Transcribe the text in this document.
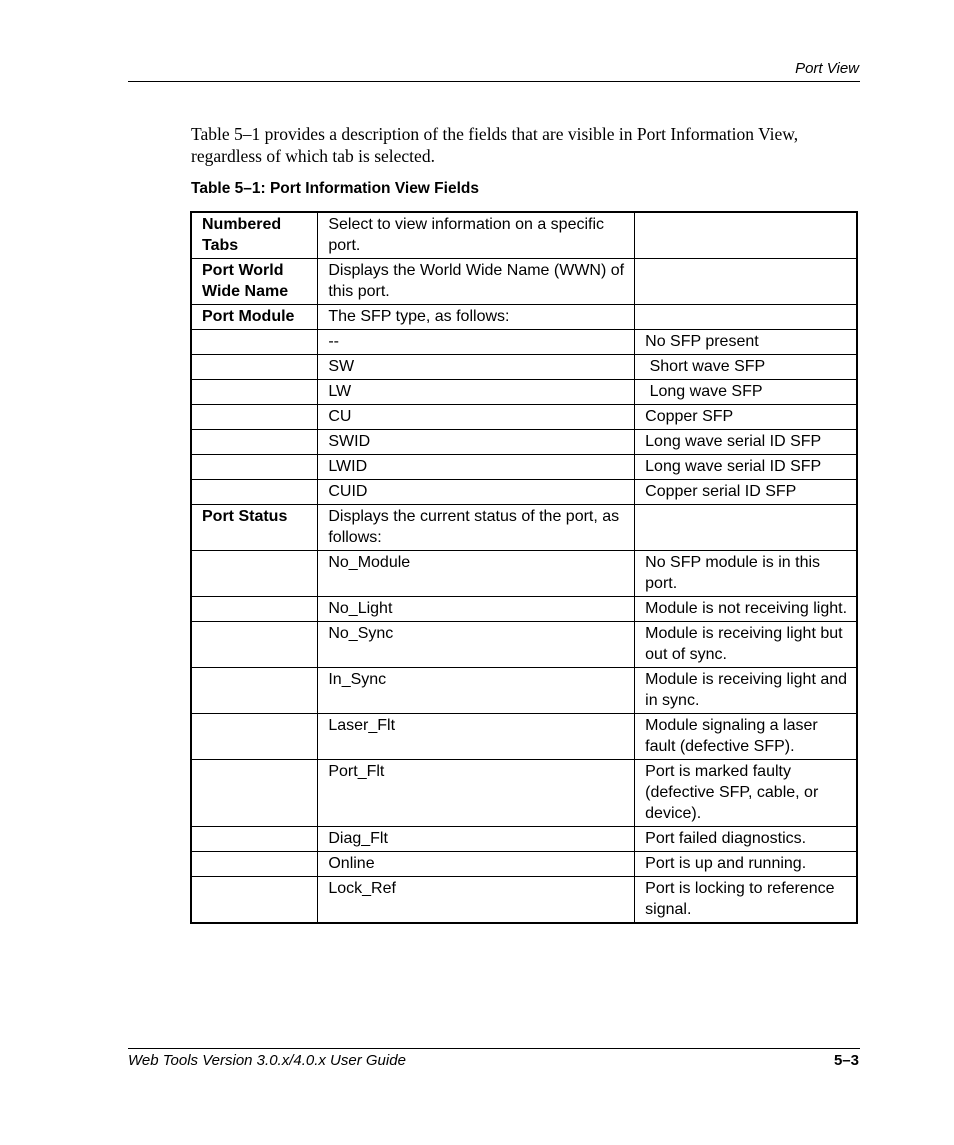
Port View

Table 5–1 provides a description of the fields that are visible in Port Information View, regardless of which tab is selected.

Table 5–1: Port Information View Fields
Numbered Tabs	Select to view information on a specific port.	
Port World Wide Name	Displays the World Wide Name (WWN) of this port.	
Port Module	The SFP type, as follows:	
	--	No SFP present
	SW	Short wave SFP
	LW	Long wave SFP
	CU	Copper SFP
	SWID	Long wave serial ID SFP
	LWID	Long wave serial ID SFP
	CUID	Copper serial ID SFP
Port Status	Displays the current status of the port, as follows:	
	No_Module	No SFP module is in this port.
	No_Light	Module is not receiving light.
	No_Sync	Module is receiving light but out of sync.
	In_Sync	Module is receiving light and in sync.
	Laser_Flt	Module signaling a laser fault (defective SFP).
	Port_Flt	Port is marked faulty (defective SFP, cable, or device).
	Diag_Flt	Port failed diagnostics.
	Online	Port is up and running.
	Lock_Ref	Port is locking to reference signal.
Web Tools Version 3.0.x/4.0.x User Guide	5–3
